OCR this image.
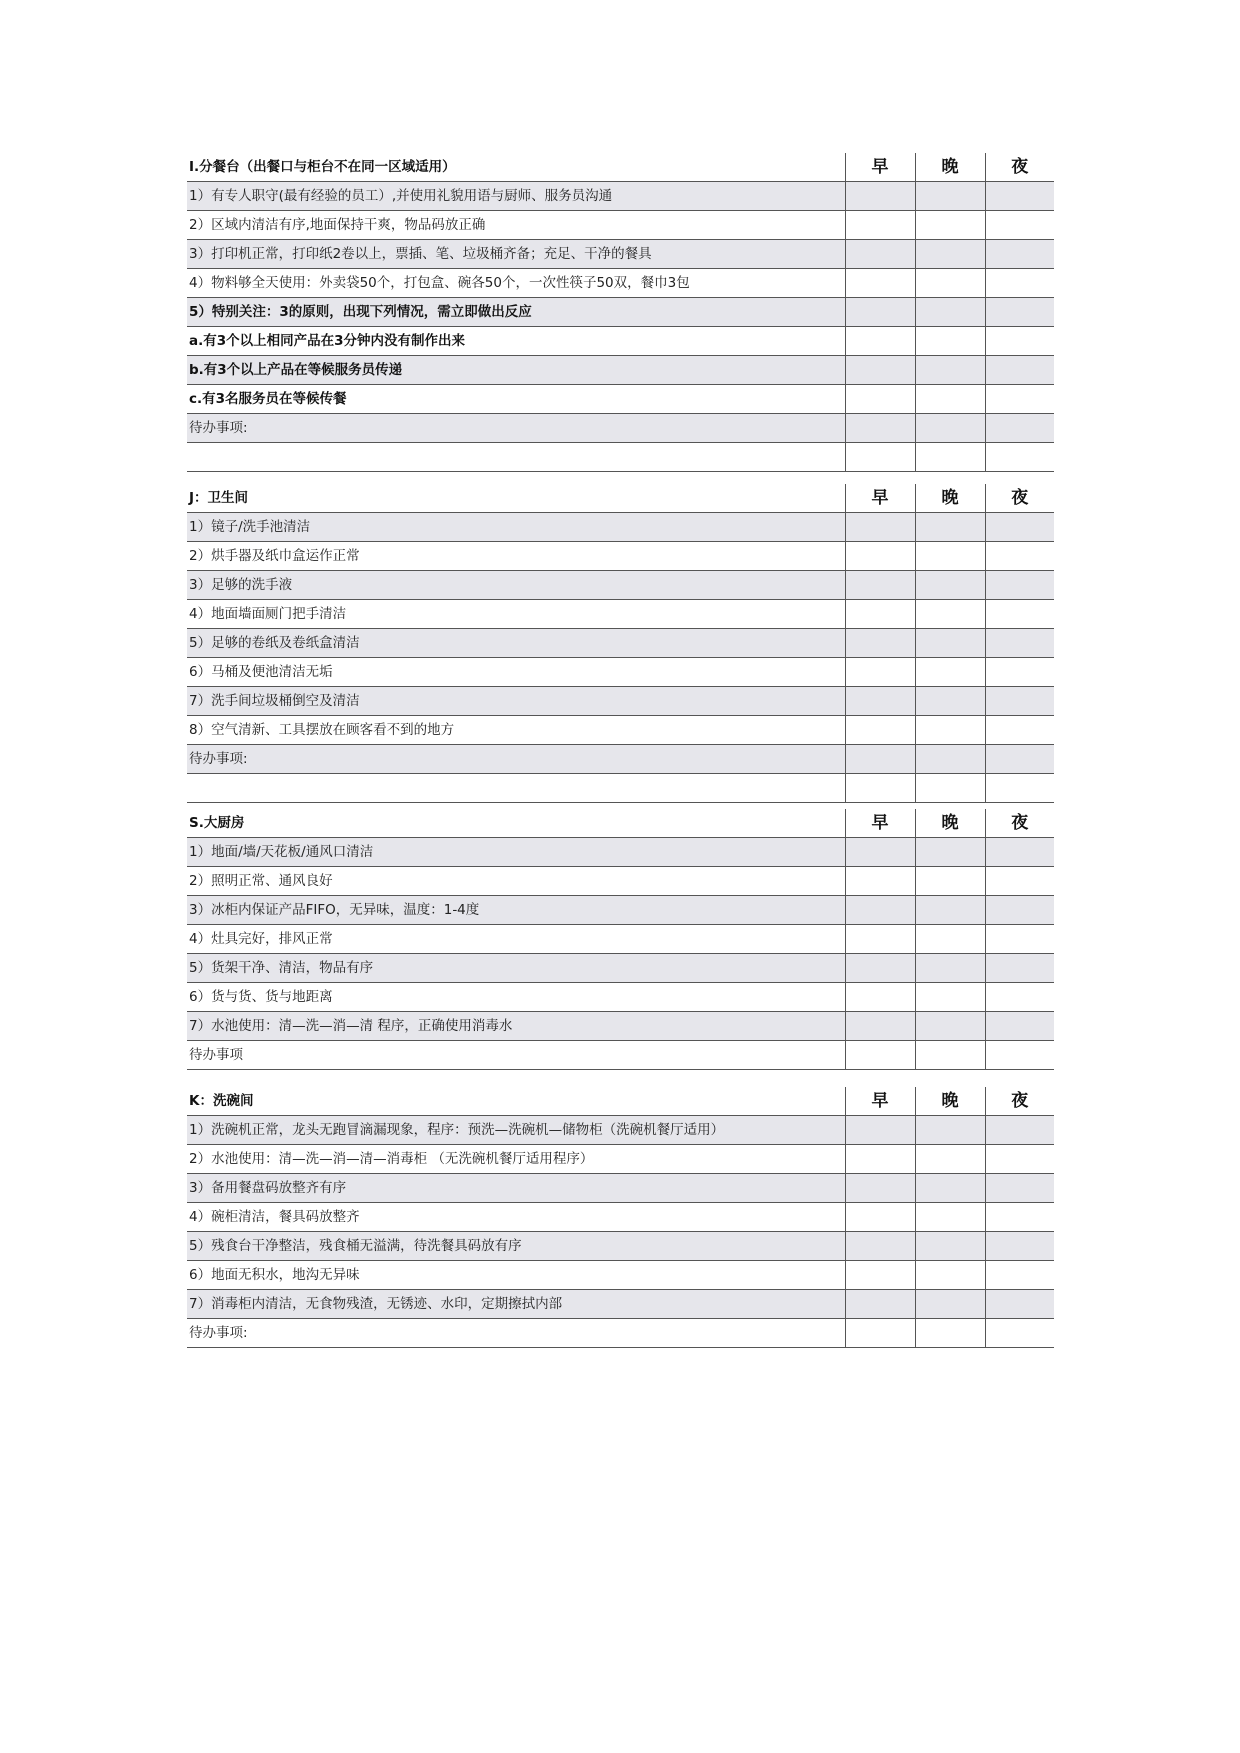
I.分餐台（出餐口与柜台不在同一区域适用）	早	晚	夜
1）有专人职守(最有经验的员工）,并使用礼貌用语与厨师、服务员沟通			
2）区域内清洁有序,地面保持干爽，物品码放正确			
3）打印机正常，打印纸2卷以上，票插、笔、垃圾桶齐备；充足、干净的餐具			
4）物料够全天使用：外卖袋50个，打包盒、碗各50个，一次性筷子50双，餐巾3包			
5）特别关注：3的原则，出现下列情况，需立即做出反应			
a.有3个以上相同产品在3分钟内没有制作出来			
b.有3个以上产品在等候服务员传递			
c.有3名服务员在等候传餐			
待办事项:			

J：卫生间	早	晚	夜
1）镜子/洗手池清洁			
2）烘手器及纸巾盒运作正常			
3）足够的洗手液			
4）地面墙面厕门把手清洁			
5）足够的卷纸及卷纸盒清洁			
6）马桶及便池清洁无垢			
7）洗手间垃圾桶倒空及清洁			
8）空气清新、工具摆放在顾客看不到的地方			
待办事项:			

S.大厨房	早	晚	夜
1）地面/墙/天花板/通风口清洁			
2）照明正常、通风良好			
3）冰柜内保证产品FIFO，无异味，温度：1-4度			
4）灶具完好，排风正常			
5）货架干净、清洁，物品有序			
6）货与货、货与地距离			
7）水池使用：清—洗—消—清 程序，正确使用消毒水			
待办事项			
K：洗碗间	早	晚	夜
1）洗碗机正常，龙头无跑冒滴漏现象，程序：预洗—洗碗机—储物柜（洗碗机餐厅适用）			
2）水池使用：清—洗—消—清—消毒柜 （无洗碗机餐厅适用程序）			
3）备用餐盘码放整齐有序			
4）碗柜清洁，餐具码放整齐			
5）残食台干净整洁，残食桶无溢满，待洗餐具码放有序			
6）地面无积水，地沟无异味			
7）消毒柜内清洁，无食物残渣，无锈迹、水印，定期擦拭内部			
待办事项:			
